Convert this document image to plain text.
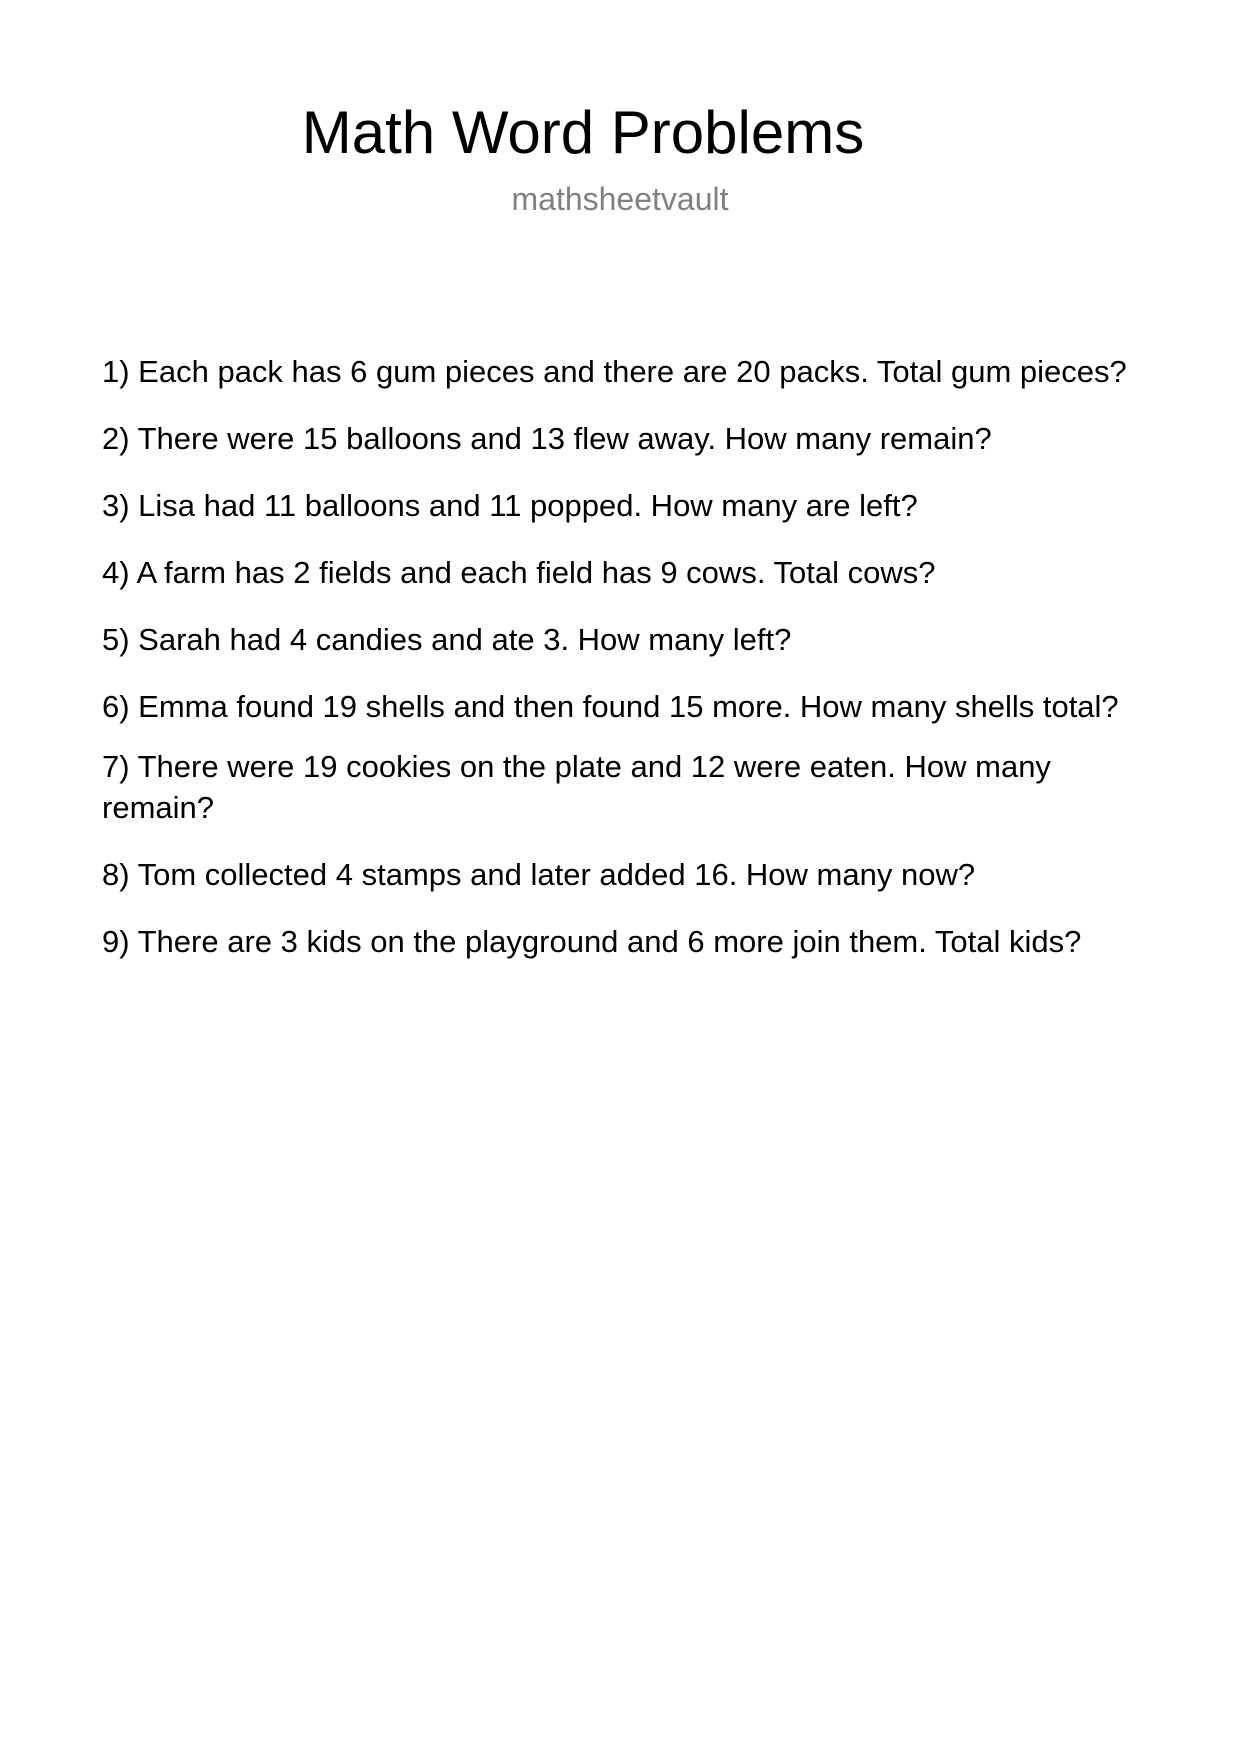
Math Word Problems
mathsheetvault
1) Each pack has 6 gum pieces and there are 20 packs. Total gum pieces?
2) There were 15 balloons and 13 flew away. How many remain?
3) Lisa had 11 balloons and 11 popped. How many are left?
4) A farm has 2 fields and each field has 9 cows. Total cows?
5) Sarah had 4 candies and ate 3. How many left?
6) Emma found 19 shells and then found 15 more. How many shells total?
7) There were 19 cookies on the plate and 12 were eaten. How many remain?
8) Tom collected 4 stamps and later added 16. How many now?
9) There are 3 kids on the playground and 6 more join them. Total kids?
